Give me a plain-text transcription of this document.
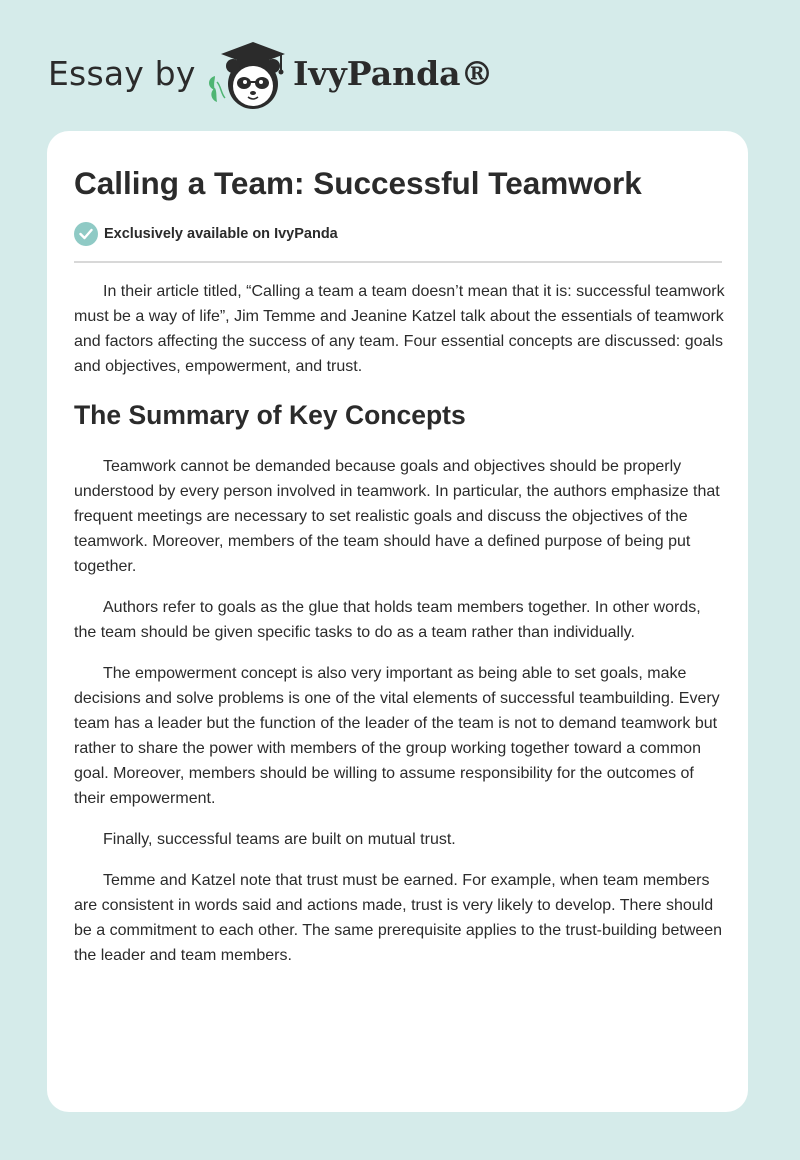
Essay by	IvyPanda®
Calling a Team: Successful Teamwork
Exclusively available on IvyPanda

In their article titled, “Calling a team a team doesn’t mean that it is: successful teamwork must be a way of life”, Jim Temme and Jeanine Katzel talk about the essentials of teamwork and factors affecting the success of any team. Four essential concepts are discussed: goals and objectives, empowerment, and trust.

The Summary of Key Concepts

Teamwork cannot be demanded because goals and objectives should be properly understood by every person involved in teamwork. In particular, the authors emphasize that frequent meetings are necessary to set realistic goals and discuss the objectives of the teamwork. Moreover, members of the team should have a defined purpose of being put together.

Authors refer to goals as the glue that holds team members together. In other words, the team should be given specific tasks to do as a team rather than individually.

The empowerment concept is also very important as being able to set goals, make decisions and solve problems is one of the vital elements of successful teambuilding. Every team has a leader but the function of the leader of the team is not to demand teamwork but rather to share the power with members of the group working together toward a common goal. Moreover, members should be willing to assume responsibility for the outcomes of their empowerment.

Finally, successful teams are built on mutual trust.

Temme and Katzel note that trust must be earned. For example, when team members are consistent in words said and actions made, trust is very likely to develop. There should be a commitment to each other. The same prerequisite applies to the trust-building between the leader and team members.
